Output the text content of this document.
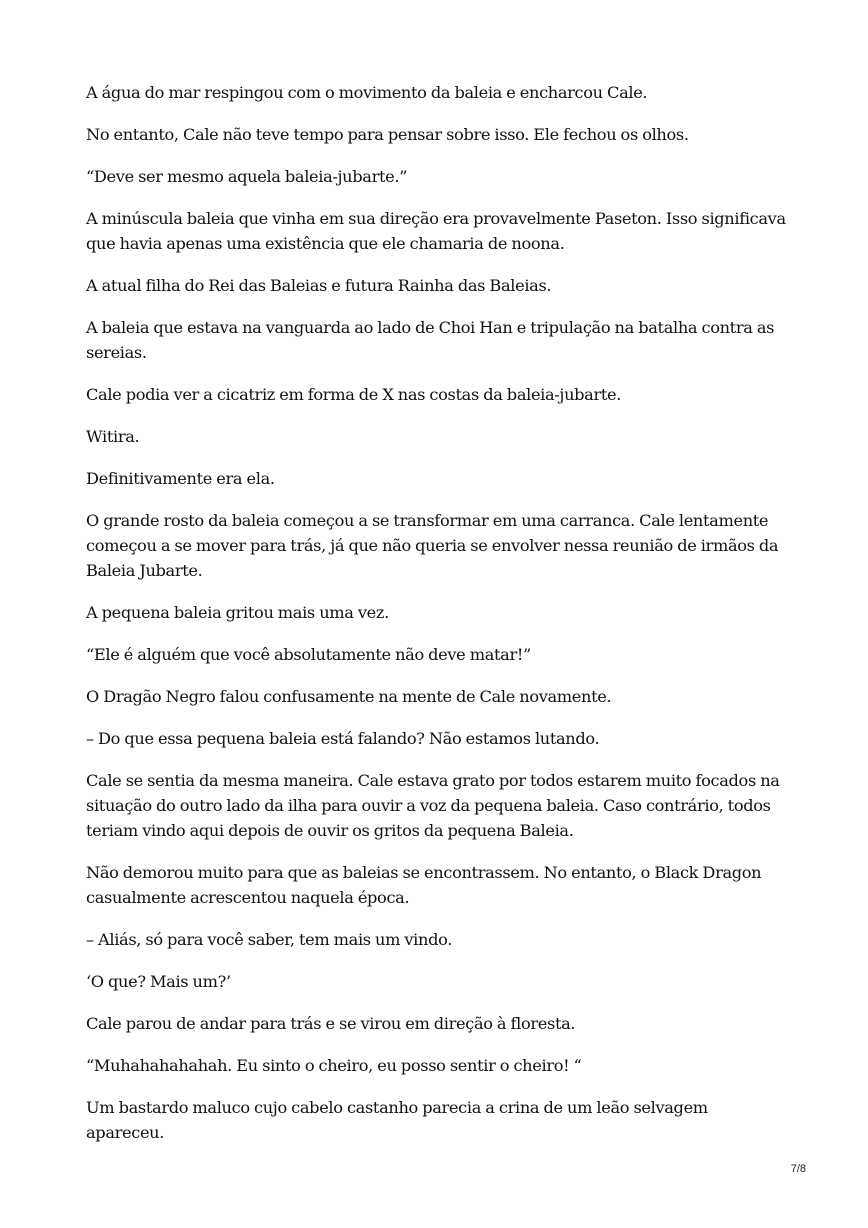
A água do mar respingou com o movimento da baleia e encharcou Cale.

No entanto, Cale não teve tempo para pensar sobre isso. Ele fechou os olhos.

“Deve ser mesmo aquela baleia-jubarte.”

A minúscula baleia que vinha em sua direção era provavelmente Paseton. Isso significava que havia apenas uma existência que ele chamaria de noona.

A atual filha do Rei das Baleias e futura Rainha das Baleias.

A baleia que estava na vanguarda ao lado de Choi Han e tripulação na batalha contra as sereias.

Cale podia ver a cicatriz em forma de X nas costas da baleia-jubarte.

Witira.

Definitivamente era ela.

O grande rosto da baleia começou a se transformar em uma carranca. Cale lentamente começou a se mover para trás, já que não queria se envolver nessa reunião de irmãos da Baleia Jubarte.

A pequena baleia gritou mais uma vez.

“Ele é alguém que você absolutamente não deve matar!”

O Dragão Negro falou confusamente na mente de Cale novamente.

– Do que essa pequena baleia está falando? Não estamos lutando.

Cale se sentia da mesma maneira. Cale estava grato por todos estarem muito focados na situação do outro lado da ilha para ouvir a voz da pequena baleia. Caso contrário, todos teriam vindo aqui depois de ouvir os gritos da pequena Baleia.

Não demorou muito para que as baleias se encontrassem. No entanto, o Black Dragon casualmente acrescentou naquela época.

– Aliás, só para você saber, tem mais um vindo.

‘O que? Mais um?’

Cale parou de andar para trás e se virou em direção à floresta.

“Muhahahahahah. Eu sinto o cheiro, eu posso sentir o cheiro! “

Um bastardo maluco cujo cabelo castanho parecia a crina de um leão selvagem apareceu.

7/8
